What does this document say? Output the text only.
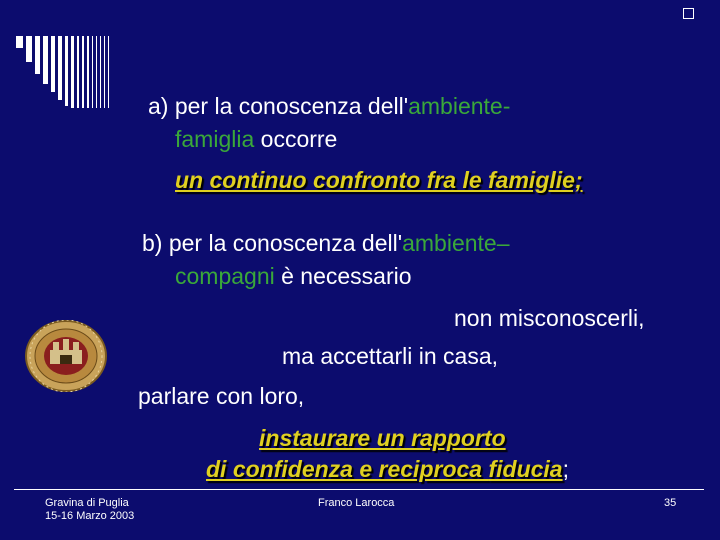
a) per la conoscenza dell'ambiente-
famiglia occorre
un continuo confronto fra le famiglie;
b) per la conoscenza dell'ambiente–
compagni è necessario
non misconoscerli,
ma accettarli in casa,
parlare con loro,
instaurare un rapporto
di confidenza e reciproca fiducia;
Gravina di Puglia
15-16 Marzo 2003
Franco Larocca	35
